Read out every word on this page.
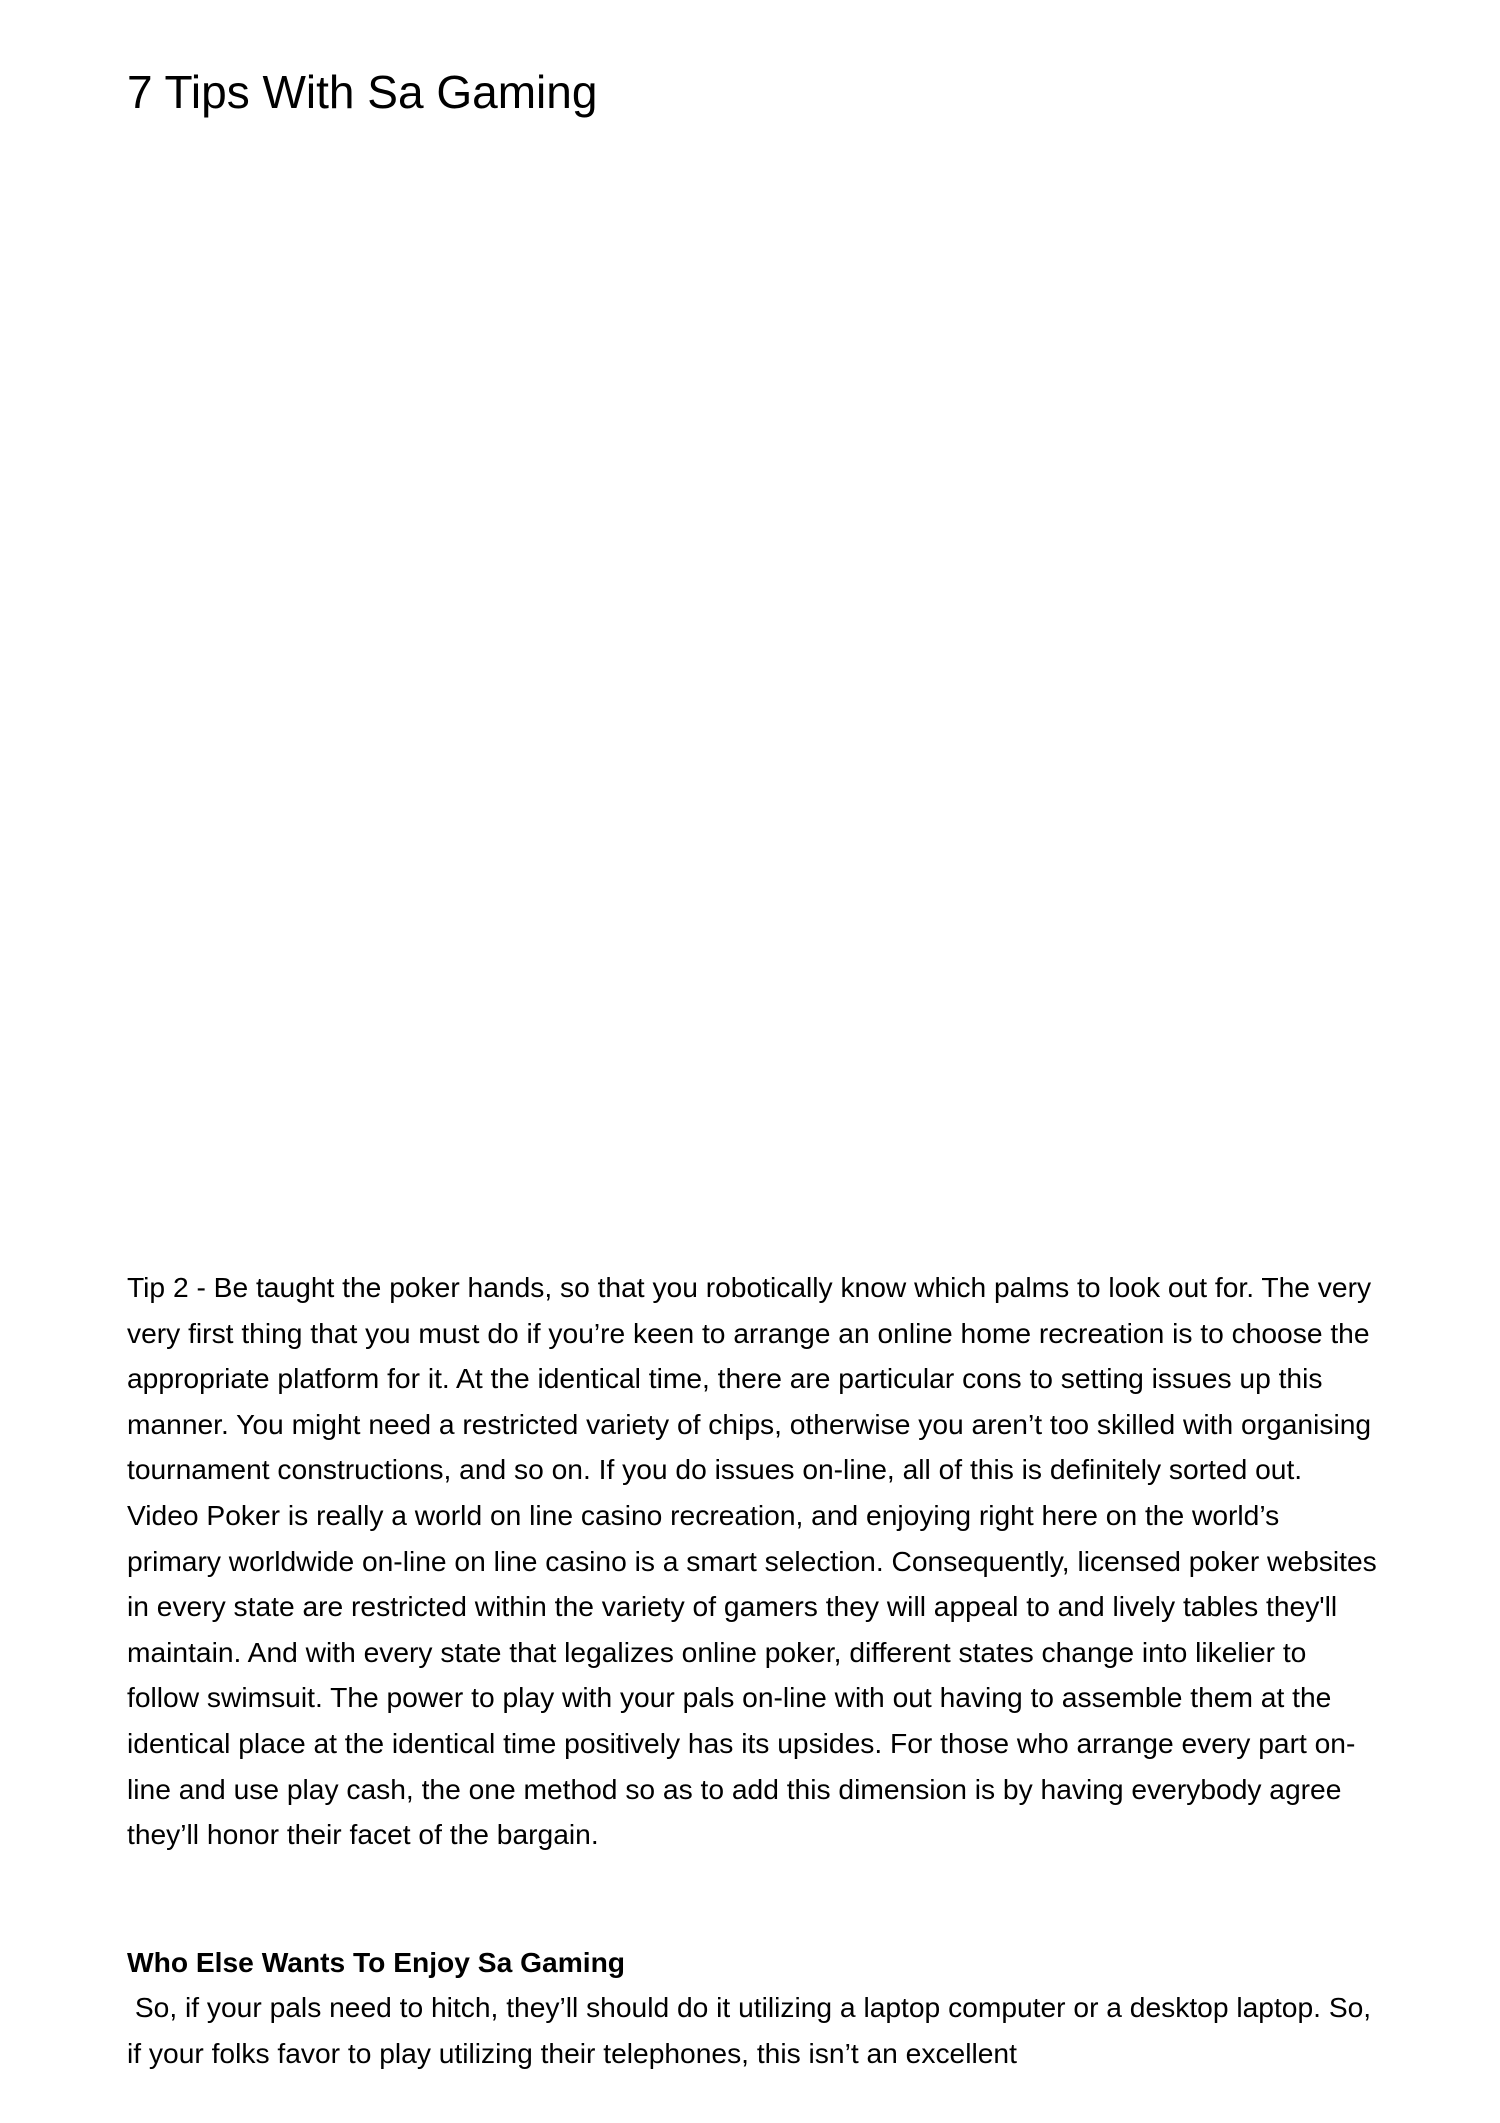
7 Tips With Sa Gaming

Tip 2 - Be taught the poker hands, so that you robotically know which palms to look out for. The very very first thing that you must do if you’re keen to arrange an online home recreation is to choose the appropriate platform for it. At the identical time, there are particular cons to setting issues up this manner. You might need a restricted variety of chips, otherwise you aren’t too skilled with organising tournament constructions, and so on. If you do issues on-line, all of this is definitely sorted out. Video Poker is really a world on line casino recreation, and enjoying right here on the world’s primary worldwide on-line on line casino is a smart selection. Consequently, licensed poker websites in every state are restricted within the variety of gamers they will appeal to and lively tables they'll maintain. And with every state that legalizes online poker, different states change into likelier to follow swimsuit. The power to play with your pals on-line with out having to assemble them at the identical place at the identical time positively has its upsides. For those who arrange every part on-line and use play cash, the one method so as to add this dimension is by having everybody agree they’ll honor their facet of the bargain.

Who Else Wants To Enjoy Sa Gaming

So, if your pals need to hitch, they’ll should do it utilizing a laptop computer or a desktop laptop. So, if your folks favor to play utilizing their telephones, this isn’t an excellent
